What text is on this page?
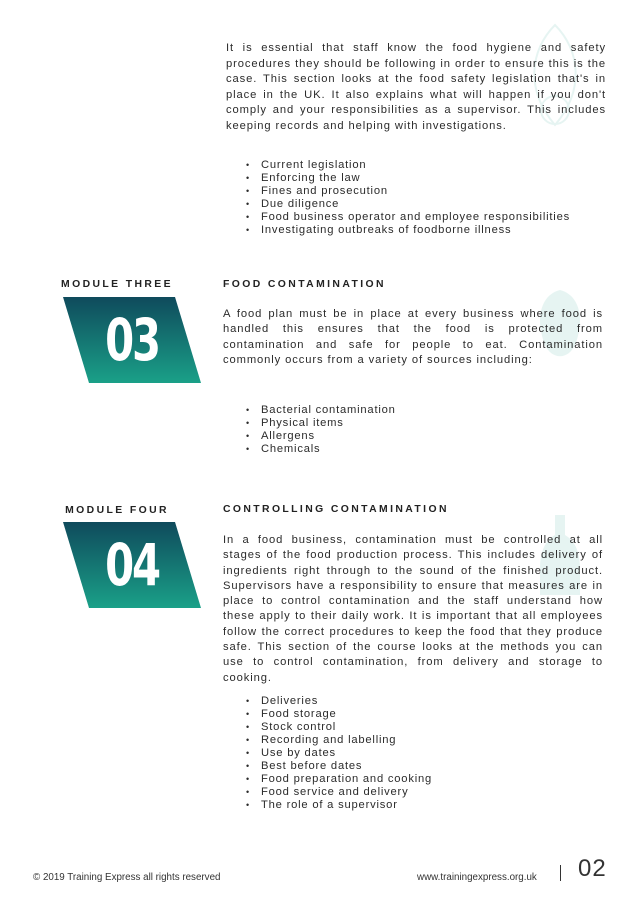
It is essential that staff know the food hygiene and safety procedures they should be following in order to ensure this is the case. This section looks at the food safety legislation that's in place in the UK. It also explains what will happen if you don't comply and your responsibilities as a supervisor. This includes keeping records and helping with investigations.

• Current legislation
• Enforcing the law
• Fines and prosecution
• Due diligence
• Food business operator and employee responsibilities
• Investigating outbreaks of foodborne illness
MODULE THREE
03
FOOD CONTAMINATION

A food plan must be in place at every business where food is handled this ensures that the food is protected from contamination and safe for people to eat. Contamination commonly occurs from a variety of sources including:

• Bacterial contamination
• Physical items
• Allergens
• Chemicals
MODULE FOUR
04
CONTROLLING CONTAMINATION

In a food business, contamination must be controlled at all stages of the food production process. This includes delivery of ingredients right through to the sound of the finished product. Supervisors have a responsibility to ensure that measures are in place to control contamination and the staff understand how these apply to their daily work. It is important that all employees follow the correct procedures to keep the food that they produce safe. This section of the course looks at the methods you can use to control contamination, from delivery and storage to cooking.

• Deliveries
• Food storage
• Stock control
• Recording and labelling
• Use by dates
• Best before dates
• Food preparation and cooking
• Food service and delivery
• The role of a supervisor
© 2019 Training Express all rights reserved	www.trainingexpress.org.uk 02
